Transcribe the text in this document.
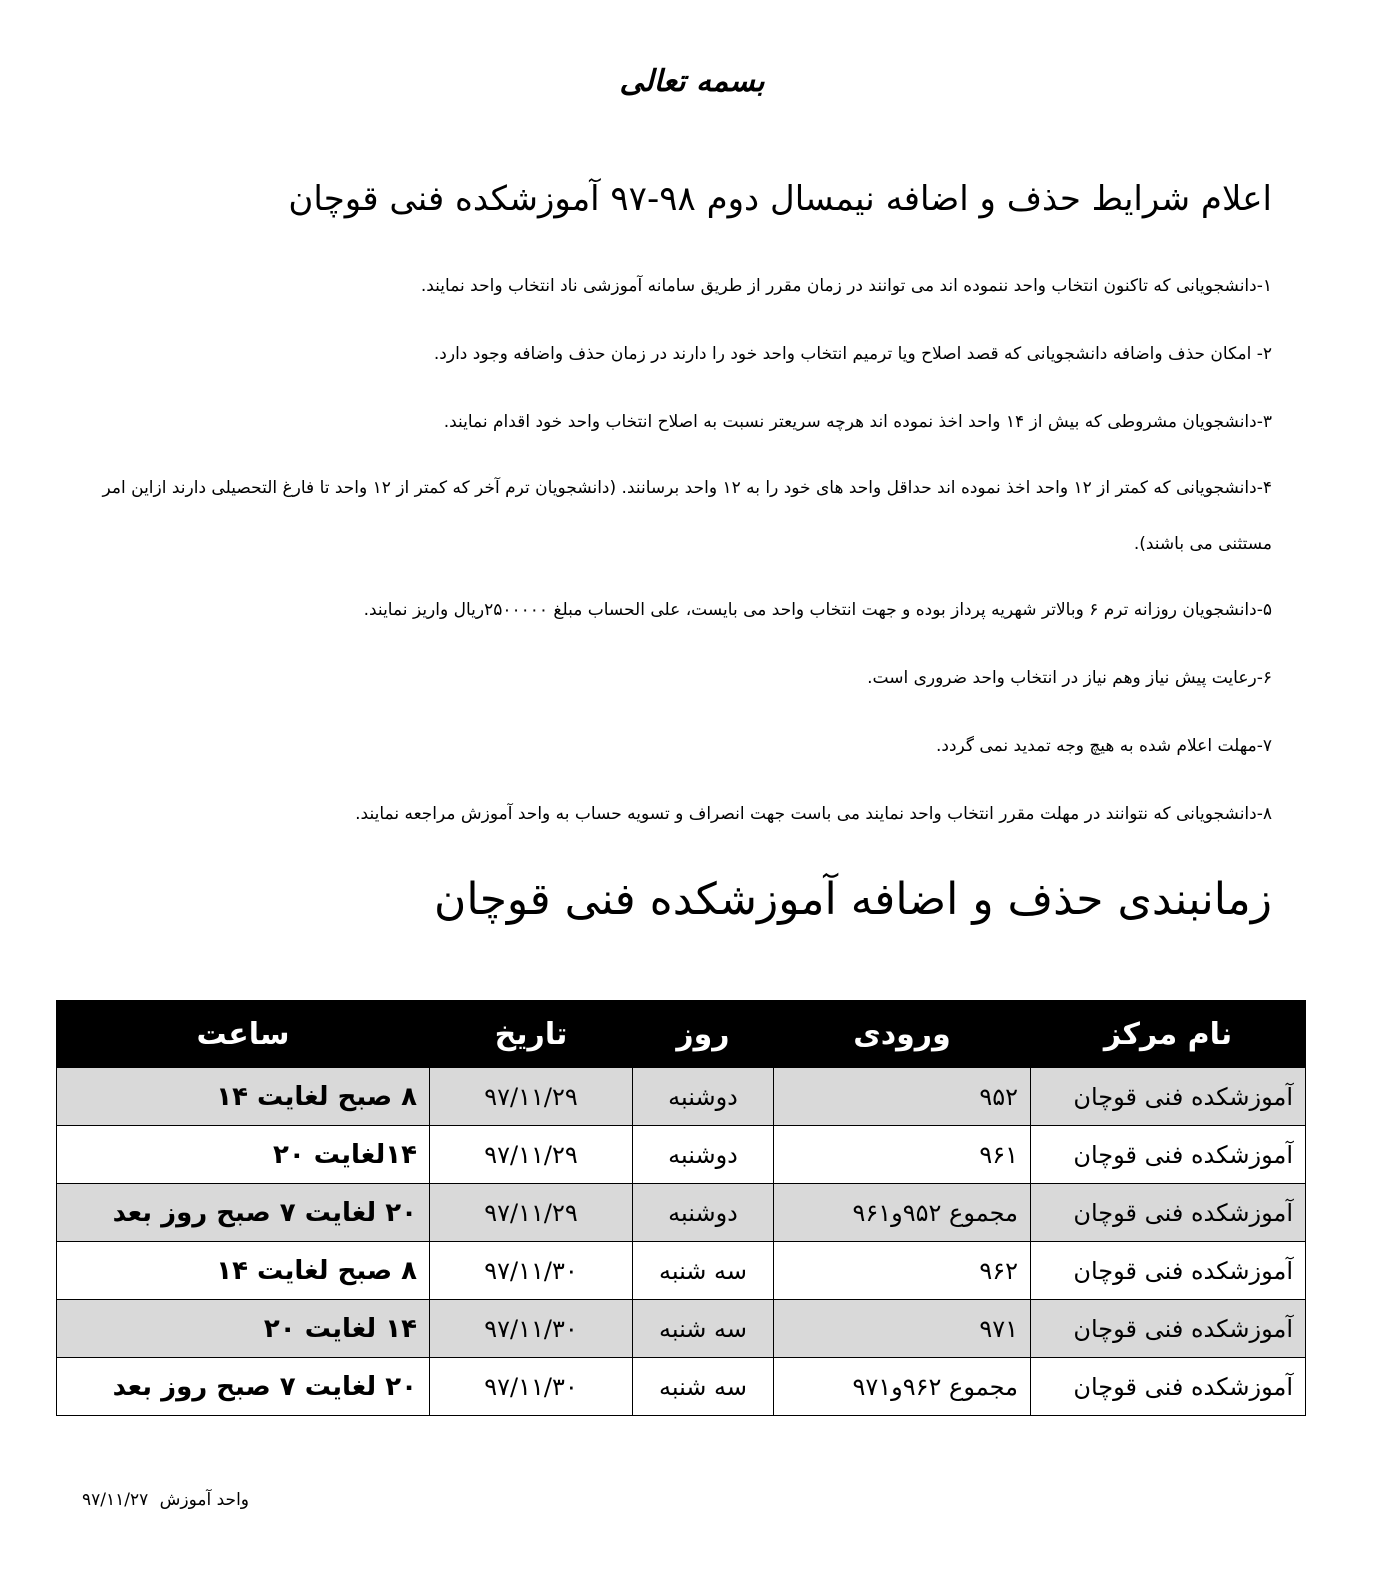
بسمه تعالی
اعلام شرایط حذف و اضافه نیمسال دوم ۹۸-۹۷ آموزشکده فنی قوچان

۱-دانشجویانی که تاکنون انتخاب واحد ننموده اند می توانند در زمان مقرر از طریق سامانه آموزشی ناد انتخاب واحد نمایند.

۲- امکان حذف واضافه دانشجویانی که قصد اصلاح ویا ترمیم انتخاب واحد خود را دارند در زمان حذف واضافه وجود دارد.

۳-دانشجویان مشروطی که بیش از ۱۴ واحد اخذ نموده اند هرچه سریعتر نسبت به اصلاح انتخاب واحد خود اقدام نمایند.

۴-دانشجویانی که کمتر از ۱۲ واحد اخذ نموده اند حداقل واحد های خود را به ۱۲ واحد برسانند. (دانشجویان ترم آخر که کمتر از ۱۲ واحد تا فارغ التحصیلی دارند ازاین امر مستثنی می باشند).

۵-دانشجویان روزانه ترم ۶ وبالاتر شهریه پرداز بوده و جهت انتخاب واحد می بایست، علی الحساب مبلغ ۲۵۰۰۰۰۰ریال واریز نمایند.

۶-رعایت پیش نیاز وهم نیاز در انتخاب واحد ضروری است.

۷-مهلت اعلام شده به هیچ وجه تمدید نمی گردد.

۸-دانشجویانی که نتوانند در مهلت مقرر انتخاب واحد نمایند می باست جهت انصراف و تسویه حساب به واحد آموزش مراجعه نمایند.

زمانبندی حذف و اضافه آموزشکده فنی قوچان
نام مرکز	ورودی	روز	تاریخ	ساعت
آموزشکده فنی قوچان	۹۵۲	دوشنبه	۹۷/۱۱/۲۹	۸ صبح لغایت ۱۴
آموزشکده فنی قوچان	۹۶۱	دوشنبه	۹۷/۱۱/۲۹	۱۴لغایت ۲۰
آموزشکده فنی قوچان	مجموع ۹۵۲و۹۶۱	دوشنبه	۹۷/۱۱/۲۹	۲۰ لغایت ۷ صبح روز بعد
آموزشکده فنی قوچان	۹۶۲	سه شنبه	۹۷/۱۱/۳۰	۸ صبح لغایت ۱۴
آموزشکده فنی قوچان	۹۷۱	سه شنبه	۹۷/۱۱/۳۰	۱۴ لغایت ۲۰
آموزشکده فنی قوچان	مجموع ۹۶۲و۹۷۱	سه شنبه	۹۷/۱۱/۳۰	۲۰ لغایت ۷ صبح روز بعد
واحد آموزش ۹۷/۱۱/۲۷
